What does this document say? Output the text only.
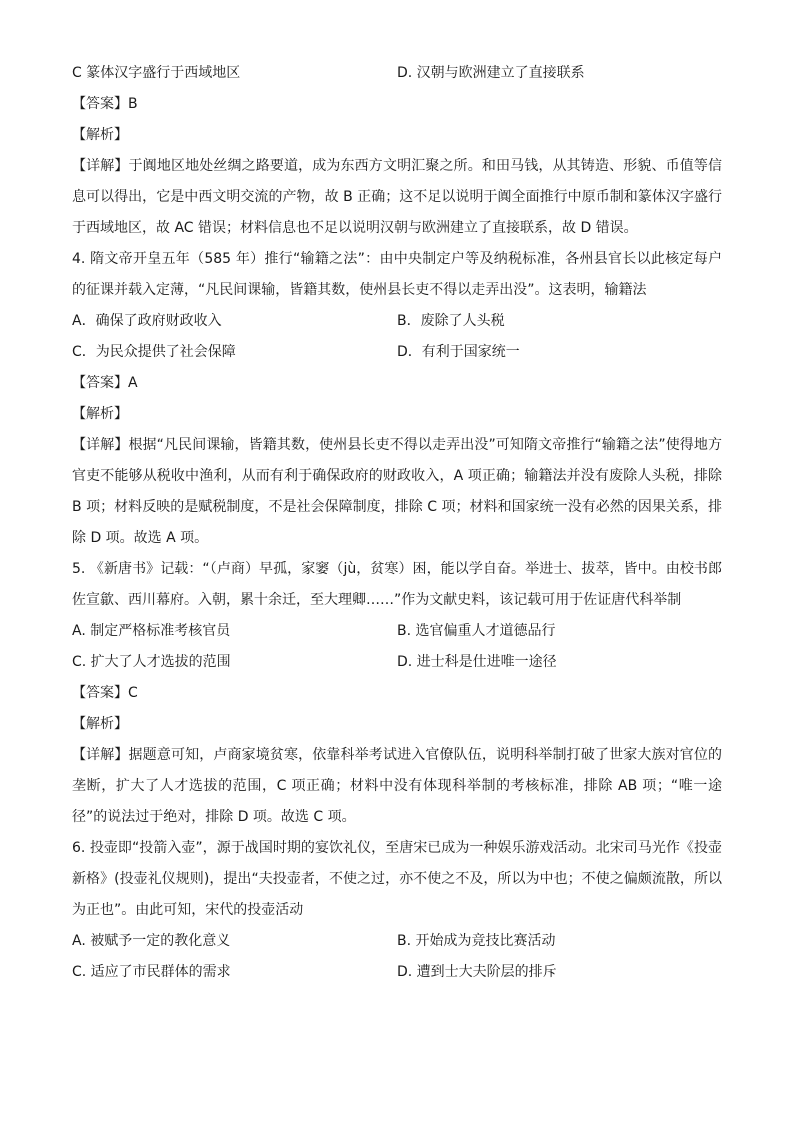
C 篆体汉字盛行于西域地区	D. 汉朝与欧洲建立了直接联系
【答案】B
【解析】
【详解】于阗地区地处丝绸之路要道，成为东西方文明汇聚之所。和田马钱，从其铸造、形貌、币值等信息可以得出，它是中西文明交流的产物，故 B 正确；这不足以说明于阗全面推行中原币制和篆体汉字盛行于西域地区，故 AC 错误；材料信息也不足以说明汉朝与欧洲建立了直接联系，故 D 错误。
4. 隋文帝开皇五年（585 年）推行“输籍之法”：由中央制定户等及纳税标准，各州县官长以此核定每户的征课并载入定薄，“凡民间课输，皆籍其数，使州县长吏不得以走弄出没”。这表明，输籍法
A．确保了政府财政收入	B．废除了人头税
C．为民众提供了社会保障	D．有利于国家统一
【答案】A
【解析】
【详解】根据“凡民间课输，皆籍其数，使州县长吏不得以走弄出没”可知隋文帝推行“输籍之法”使得地方官吏不能够从税收中渔利，从而有利于确保政府的财政收入，A 项正确；输籍法并没有废除人头税，排除 B 项；材料反映的是赋税制度，不是社会保障制度，排除 C 项；材料和国家统一没有必然的因果关系，排除 D 项。故选 A 项。
5. 《新唐书》记载：“（卢商）早孤，家窭（jù，贫寒）困，能以学自奋。举进士、拔萃，皆中。由校书郎佐宣歙、西川幕府。入朝，累十余迁，至大理卿……”作为文献史料，该记载可用于佐证唐代科举制
A. 制定严格标准考核官员	B. 选官偏重人才道德品行
C. 扩大了人才选拔的范围	D. 进士科是仕进唯一途径
【答案】C
【解析】
【详解】据题意可知，卢商家境贫寒，依靠科举考试进入官僚队伍，说明科举制打破了世家大族对官位的垄断，扩大了人才选拔的范围，C 项正确；材料中没有体现科举制的考核标准，排除 AB 项；“唯一途径”的说法过于绝对，排除 D 项。故选 C 项。
6. 投壶即“投箭入壶”，源于战国时期的宴饮礼仪，至唐宋已成为一种娱乐游戏活动。北宋司马光作《投壶新格》(投壶礼仪规则)，提出“夫投壶者，不使之过，亦不使之不及，所以为中也；不使之偏颇流散，所以为正也”。由此可知，宋代的投壶活动
A. 被赋予一定的教化意义	B. 开始成为竞技比赛活动
C. 适应了市民群体的需求	D. 遭到士大夫阶层的排斥
